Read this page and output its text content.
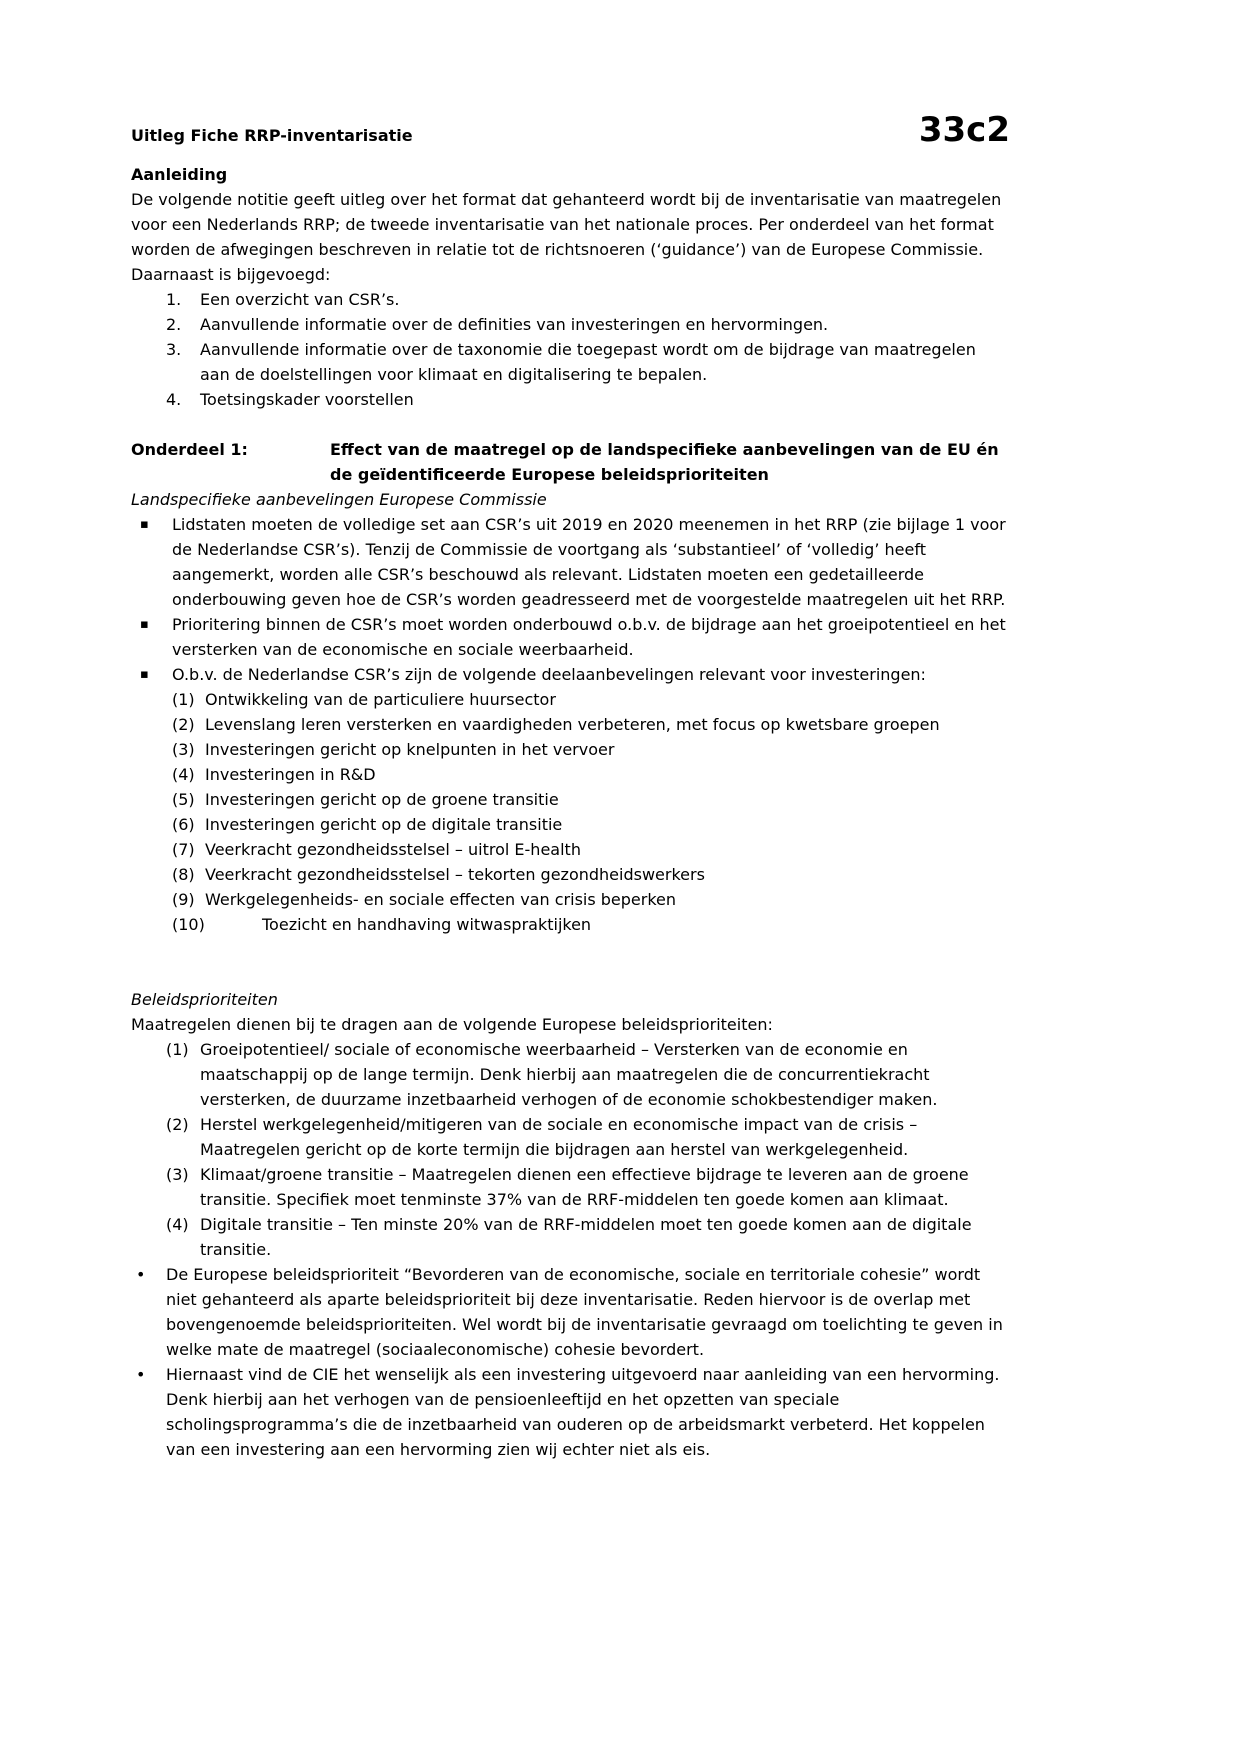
Uitleg Fiche RRP-inventarisatie	33c2
Aanleiding

De volgende notitie geeft uitleg over het format dat gehanteerd wordt bij de inventarisatie van maatregelen voor een Nederlands RRP; de tweede inventarisatie van het nationale proces. Per onderdeel van het format worden de afwegingen beschreven in relatie tot de richtsnoeren (‘guidance’) van de Europese Commissie. Daarnaast is bijgevoegd:

1. Een overzicht van CSR’s.
2. Aanvullende informatie over de definities van investeringen en hervormingen.
3. Aanvullende informatie over de taxonomie die toegepast wordt om de bijdrage van maatregelen aan de doelstellingen voor klimaat en digitalisering te bepalen.
4. Toetsingskader voorstellen
Onderdeel 1:	Effect van de maatregel op de landspecifieke aanbevelingen van de EU én de geïdentificeerde Europese beleidsprioriteiten
Landspecifieke aanbevelingen Europese Commissie
▪ Lidstaten moeten de volledige set aan CSR’s uit 2019 en 2020 meenemen in het RRP (zie bijlage 1 voor de Nederlandse CSR’s). Tenzij de Commissie de voortgang als ‘substantieel’ of ‘volledig’ heeft aangemerkt, worden alle CSR’s beschouwd als relevant. Lidstaten moeten een gedetailleerde onderbouwing geven hoe de CSR’s worden geadresseerd met de voorgestelde maatregelen uit het RRP.
▪ Prioritering binnen de CSR’s moet worden onderbouwd o.b.v. de bijdrage aan het groeipotentieel en het versterken van de economische en sociale weerbaarheid.
▪ O.b.v. de Nederlandse CSR’s zijn de volgende deelaanbevelingen relevant voor investeringen:
(1) Ontwikkeling van de particuliere huursector
(2) Levenslang leren versterken en vaardigheden verbeteren, met focus op kwetsbare groepen
(3) Investeringen gericht op knelpunten in het vervoer
(4) Investeringen in R&D
(5) Investeringen gericht op de groene transitie
(6) Investeringen gericht op de digitale transitie
(7) Veerkracht gezondheidsstelsel – uitrol E-health
(8) Veerkracht gezondheidsstelsel – tekorten gezondheidswerkers
(9) Werkgelegenheids- en sociale effecten van crisis beperken
(10)	Toezicht en handhaving witwaspraktijken
Beleidsprioriteiten

Maatregelen dienen bij te dragen aan de volgende Europese beleidsprioriteiten:

(1) Groeipotentieel/ sociale of economische weerbaarheid – Versterken van de economie en maatschappij op de lange termijn. Denk hierbij aan maatregelen die de concurrentiekracht versterken, de duurzame inzetbaarheid verhogen of de economie schokbestendiger maken.
(2) Herstel werkgelegenheid/mitigeren van de sociale en economische impact van de crisis – Maatregelen gericht op de korte termijn die bijdragen aan herstel van werkgelegenheid.
(3) Klimaat/groene transitie – Maatregelen dienen een effectieve bijdrage te leveren aan de groene transitie. Specifiek moet tenminste 37% van de RRF-middelen ten goede komen aan klimaat.
(4) Digitale transitie – Ten minste 20% van de RRF-middelen moet ten goede komen aan de digitale transitie.
• De Europese beleidsprioriteit “Bevorderen van de economische, sociale en territoriale cohesie” wordt niet gehanteerd als aparte beleidsprioriteit bij deze inventarisatie. Reden hiervoor is de overlap met bovengenoemde beleidsprioriteiten. Wel wordt bij de inventarisatie gevraagd om toelichting te geven in welke mate de maatregel (sociaaleconomische) cohesie bevordert.
• Hiernaast vind de CIE het wenselijk als een investering uitgevoerd naar aanleiding van een hervorming. Denk hierbij aan het verhogen van de pensioenleeftijd en het opzetten van speciale scholingsprogramma’s die de inzetbaarheid van ouderen op de arbeidsmarkt verbeterd. Het koppelen van een investering aan een hervorming zien wij echter niet als eis.
